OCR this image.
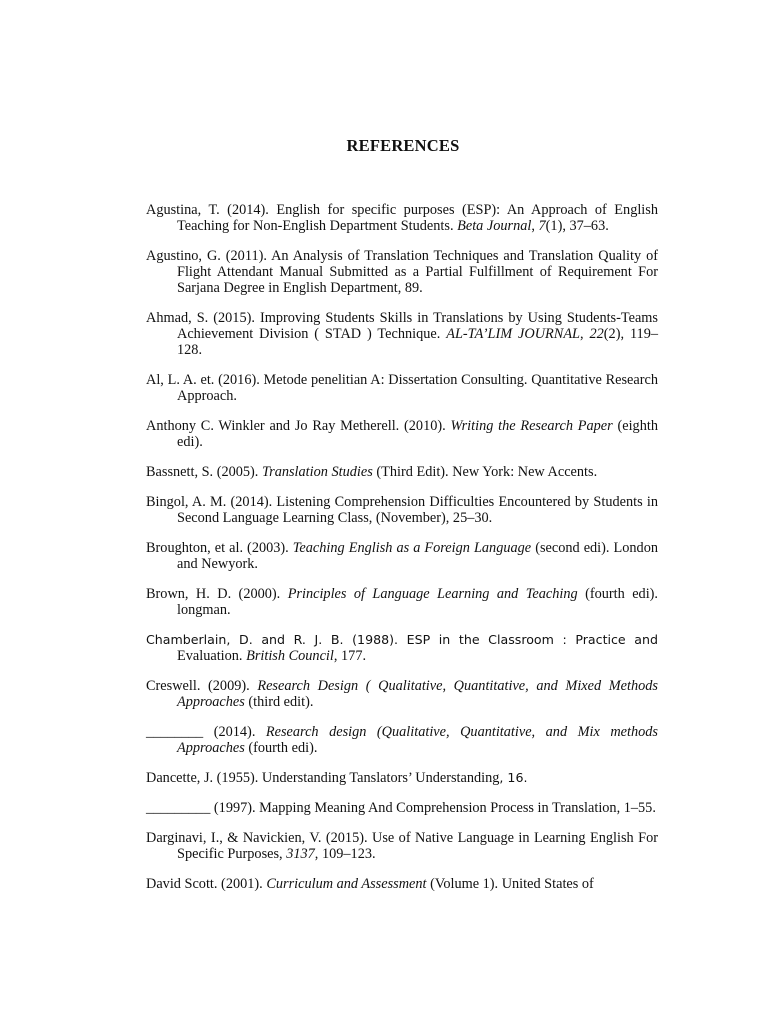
REFERENCES
Agustina, T. (2014). English for specific purposes (ESP): An Approach of English Teaching for Non-English Department Students. Beta Journal, 7(1), 37–63.
Agustino, G. (2011). An Analysis of Translation Techniques and Translation Quality of Flight Attendant Manual Submitted as a Partial Fulfillment of Requirement For Sarjana Degree in English Department, 89.
Ahmad, S. (2015). Improving Students Skills in Translations by Using Students-Teams Achievement Division ( STAD ) Technique. AL-TA’LIM JOURNAL, 22(2), 119–128.
Al, L. A. et. (2016). Metode penelitian A: Dissertation Consulting. Quantitative Research Approach.
Anthony C. Winkler and Jo Ray Metherell. (2010). Writing the Research Paper (eighth edi).
Bassnett, S. (2005). Translation Studies (Third Edit). New York: New Accents.
Bingol, A. M. (2014). Listening Comprehension Difficulties Encountered by Students in Second Language Learning Class, (November), 25–30.
Broughton, et al. (2003). Teaching English as a Foreign Language (second edi). London and Newyork.
Brown, H. D. (2000). Principles of Language Learning and Teaching (fourth edi). longman.
Chamberlain, D. and R. J. B. (1988). ESP in the Classroom : Practice and Evaluation. British Council, 177.
Creswell. (2009). Research Design ( Qualitative, Quantitative, and Mixed Methods Approaches (third edit).
________ (2014). Research design (Qualitative, Quantitative, and Mix methods Approaches (fourth edi).
Dancette, J. (1955). Understanding Tanslators’ Understanding, 16.
_________ (1997). Mapping Meaning And Comprehension Process in Translation, 1–55.
Darginavi, I., & Navickien, V. (2015). Use of Native Language in Learning English For Specific Purposes, 3137, 109–123.
David Scott. (2001). Curriculum and Assessment (Volume 1). United States of
